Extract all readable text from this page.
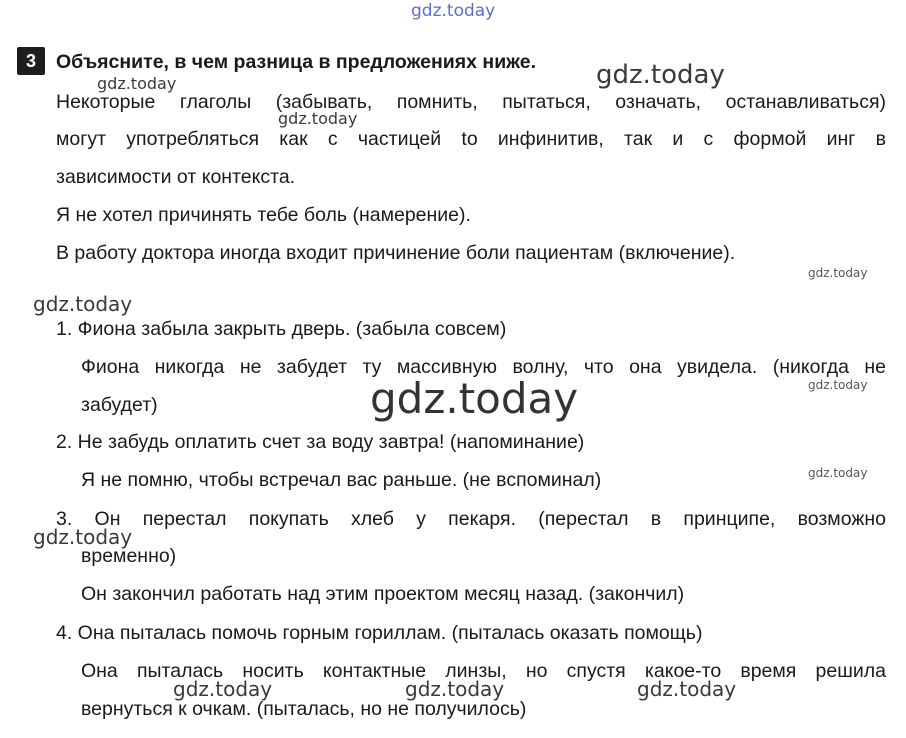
gdz.today
3	Объясните, в чем разница в предложениях ниже.
Некоторые глаголы (забывать, помнить, пытаться, означать, останавливаться)
могут употребляться как с частицей to инфинитив, так и с формой инг в
зависимости от контекста.
Я не хотел причинять тебе боль (намерение).
В работу доктора иногда входит причинение боли пациентам (включение).
1. Фиона забыла закрыть дверь. (забыла совсем)
Фиона никогда не забудет ту массивную волну, что она увидела. (никогда не
забудет)
2. Не забудь оплатить счет за воду завтра! (напоминание)
Я не помню, чтобы встречал вас раньше. (не вспоминал)
3. Он перестал покупать хлеб у пекаря. (перестал в принципе, возможно
временно)
Он закончил работать над этим проектом месяц назад. (закончил)
4. Она пыталась помочь горным гориллам. (пыталась оказать помощь)
Она пыталась носить контактные линзы, но спустя какое-то время решила
вернуться к очкам. (пыталась, но не получилось)
gdz.today
gdz.today
gdz.today
gdz.today
gdz.today
gdz.today	gdz.today
gdz.today
gdz.today
gdz.today	gdz.today	gdz.today
